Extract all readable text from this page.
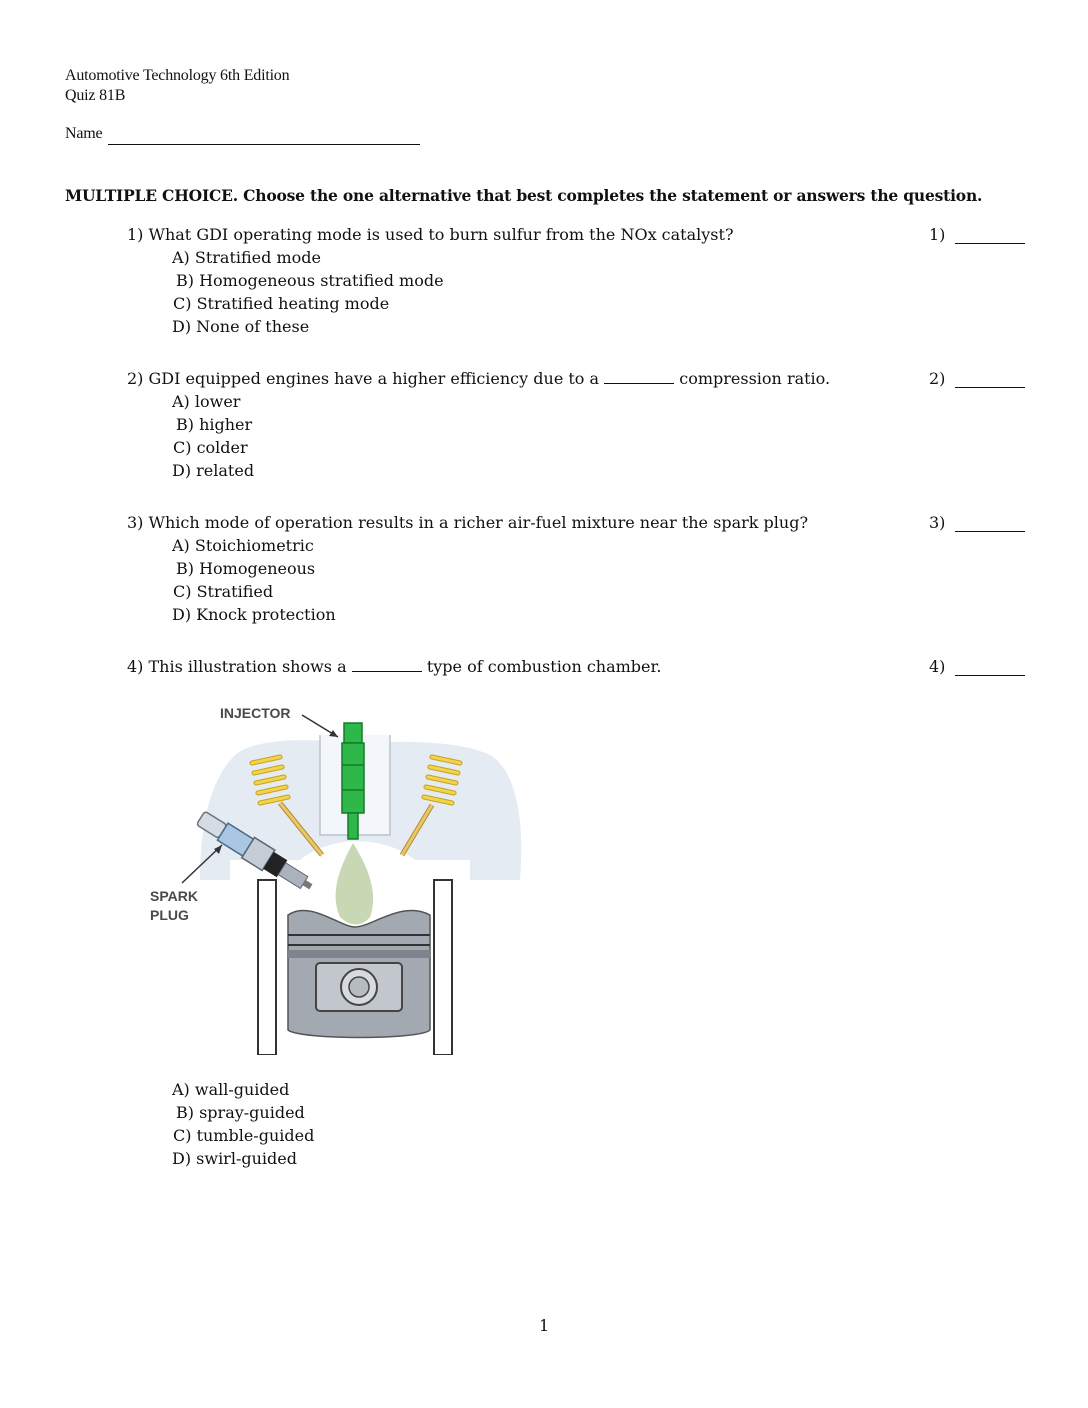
Automotive Technology 6th Edition
Quiz 81B
Name
MULTIPLE CHOICE. Choose the one alternative that best completes the statement or answers the question.
1) What GDI operating mode is used to burn sulfur from the NOx catalyst?	1)
A) Stratified mode
B) Homogeneous stratified mode
C) Stratified heating mode
D) None of these
2) GDI equipped engines have a higher efficiency due to a	compression ratio.	2)
A) lower
B) higher
C) colder
D) related
3) Which mode of operation results in a richer air-fuel mixture near the spark plug?	3)
A) Stoichiometric
B) Homogeneous
C) Stratified
D) Knock protection
4) This illustration shows a	type of combustion chamber.	4)
INJECTOR
SPARK
PLUG
A) wall-guided
B) spray-guided
C) tumble-guided
D) swirl-guided
1
